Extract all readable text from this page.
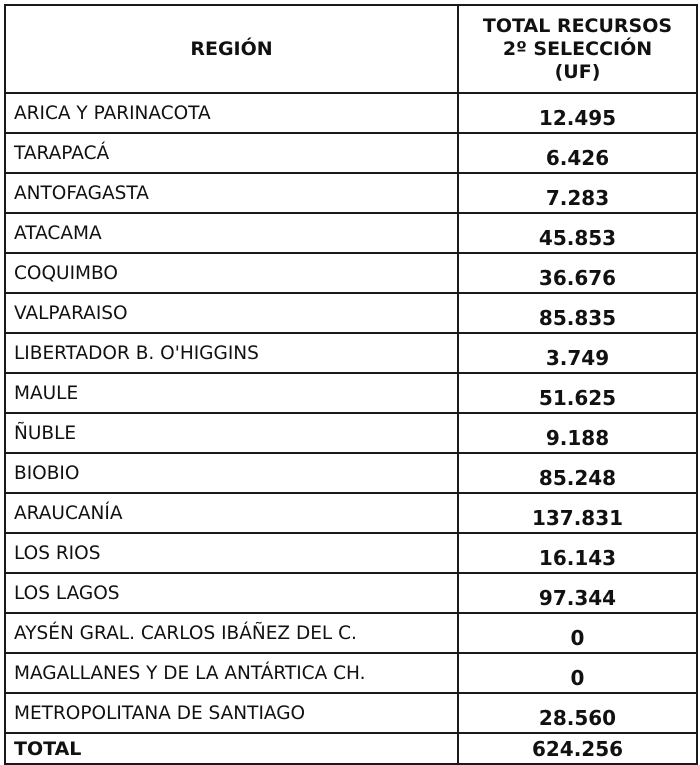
REGIÓN	TOTAL RECURSOS
2º SELECCIÓN
(UF)

ARICA Y PARINACOTA	12.495
TARAPACÁ	6.426
ANTOFAGASTA	7.283
ATACAMA	45.853
COQUIMBO	36.676
VALPARAISO	85.835
LIBERTADOR B. O'HIGGINS	3.749
MAULE	51.625
ÑUBLE	9.188
BIOBIO	85.248
ARAUCANÍA	137.831
LOS RIOS	16.143
LOS LAGOS	97.344
AYSÉN GRAL. CARLOS IBÁÑEZ DEL C.	0
MAGALLANES Y DE LA ANTÁRTICA CH.	0
METROPOLITANA DE SANTIAGO	28.560
TOTAL	624.256
